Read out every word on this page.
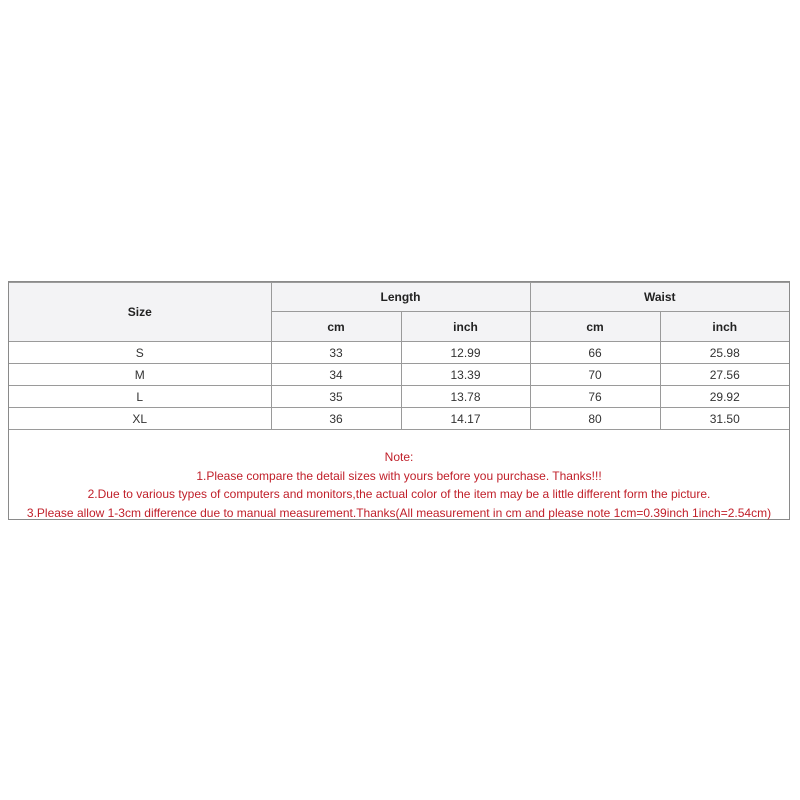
Size	Length		Waist	
	cm	inch	cm	inch
S	33	12.99	66	25.98
M	34	13.39	70	27.56
L	35	13.78	76	29.92
XL	36	14.17	80	31.50
Note:
1.Please compare the detail sizes with yours before you purchase. Thanks!!!
2.Due to various types of computers and monitors,the actual color of the item may be a little different form the picture.
3.Please allow 1-3cm difference due to manual measurement.Thanks(All measurement in cm and please note 1cm=0.39inch 1inch=2.54cm)
